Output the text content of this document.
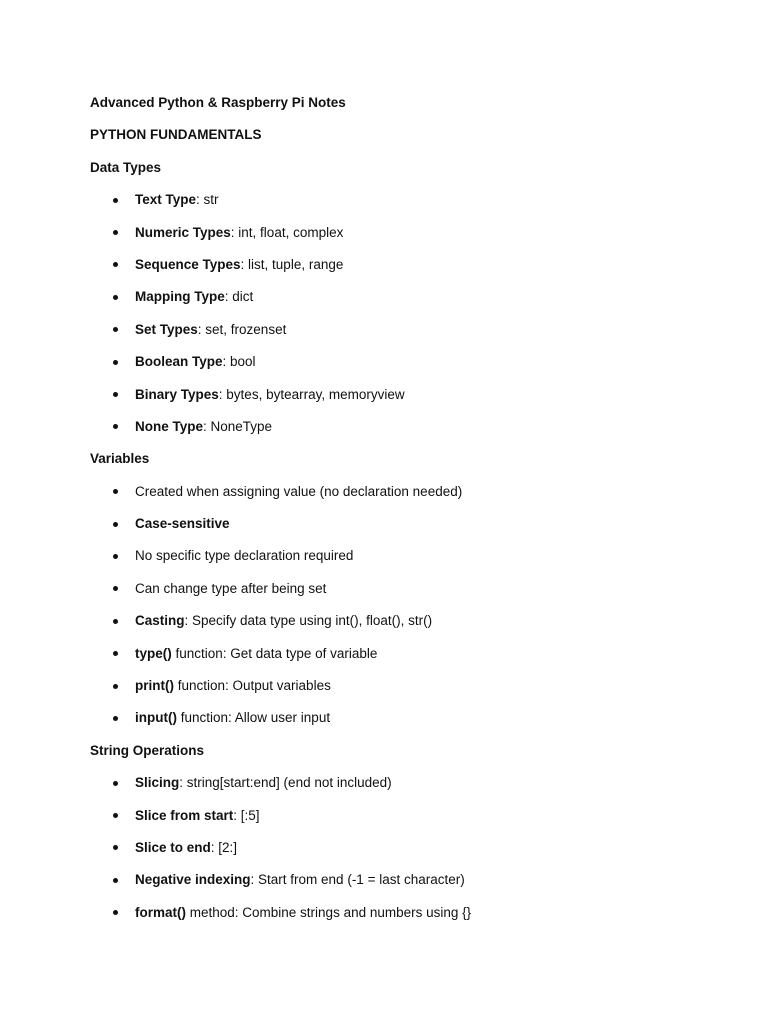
Advanced Python & Raspberry Pi Notes
PYTHON FUNDAMENTALS
Data Types
Text Type: str
Numeric Types: int, float, complex
Sequence Types: list, tuple, range
Mapping Type: dict
Set Types: set, frozenset
Boolean Type: bool
Binary Types: bytes, bytearray, memoryview
None Type: NoneType
Variables
Created when assigning value (no declaration needed)
Case-sensitive
No specific type declaration required
Can change type after being set
Casting: Specify data type using int(), float(), str()
type() function: Get data type of variable
print() function: Output variables
input() function: Allow user input
String Operations
Slicing: string[start:end] (end not included)
Slice from start: [:5]
Slice to end: [2:]
Negative indexing: Start from end (-1 = last character)
format() method: Combine strings and numbers using {}
